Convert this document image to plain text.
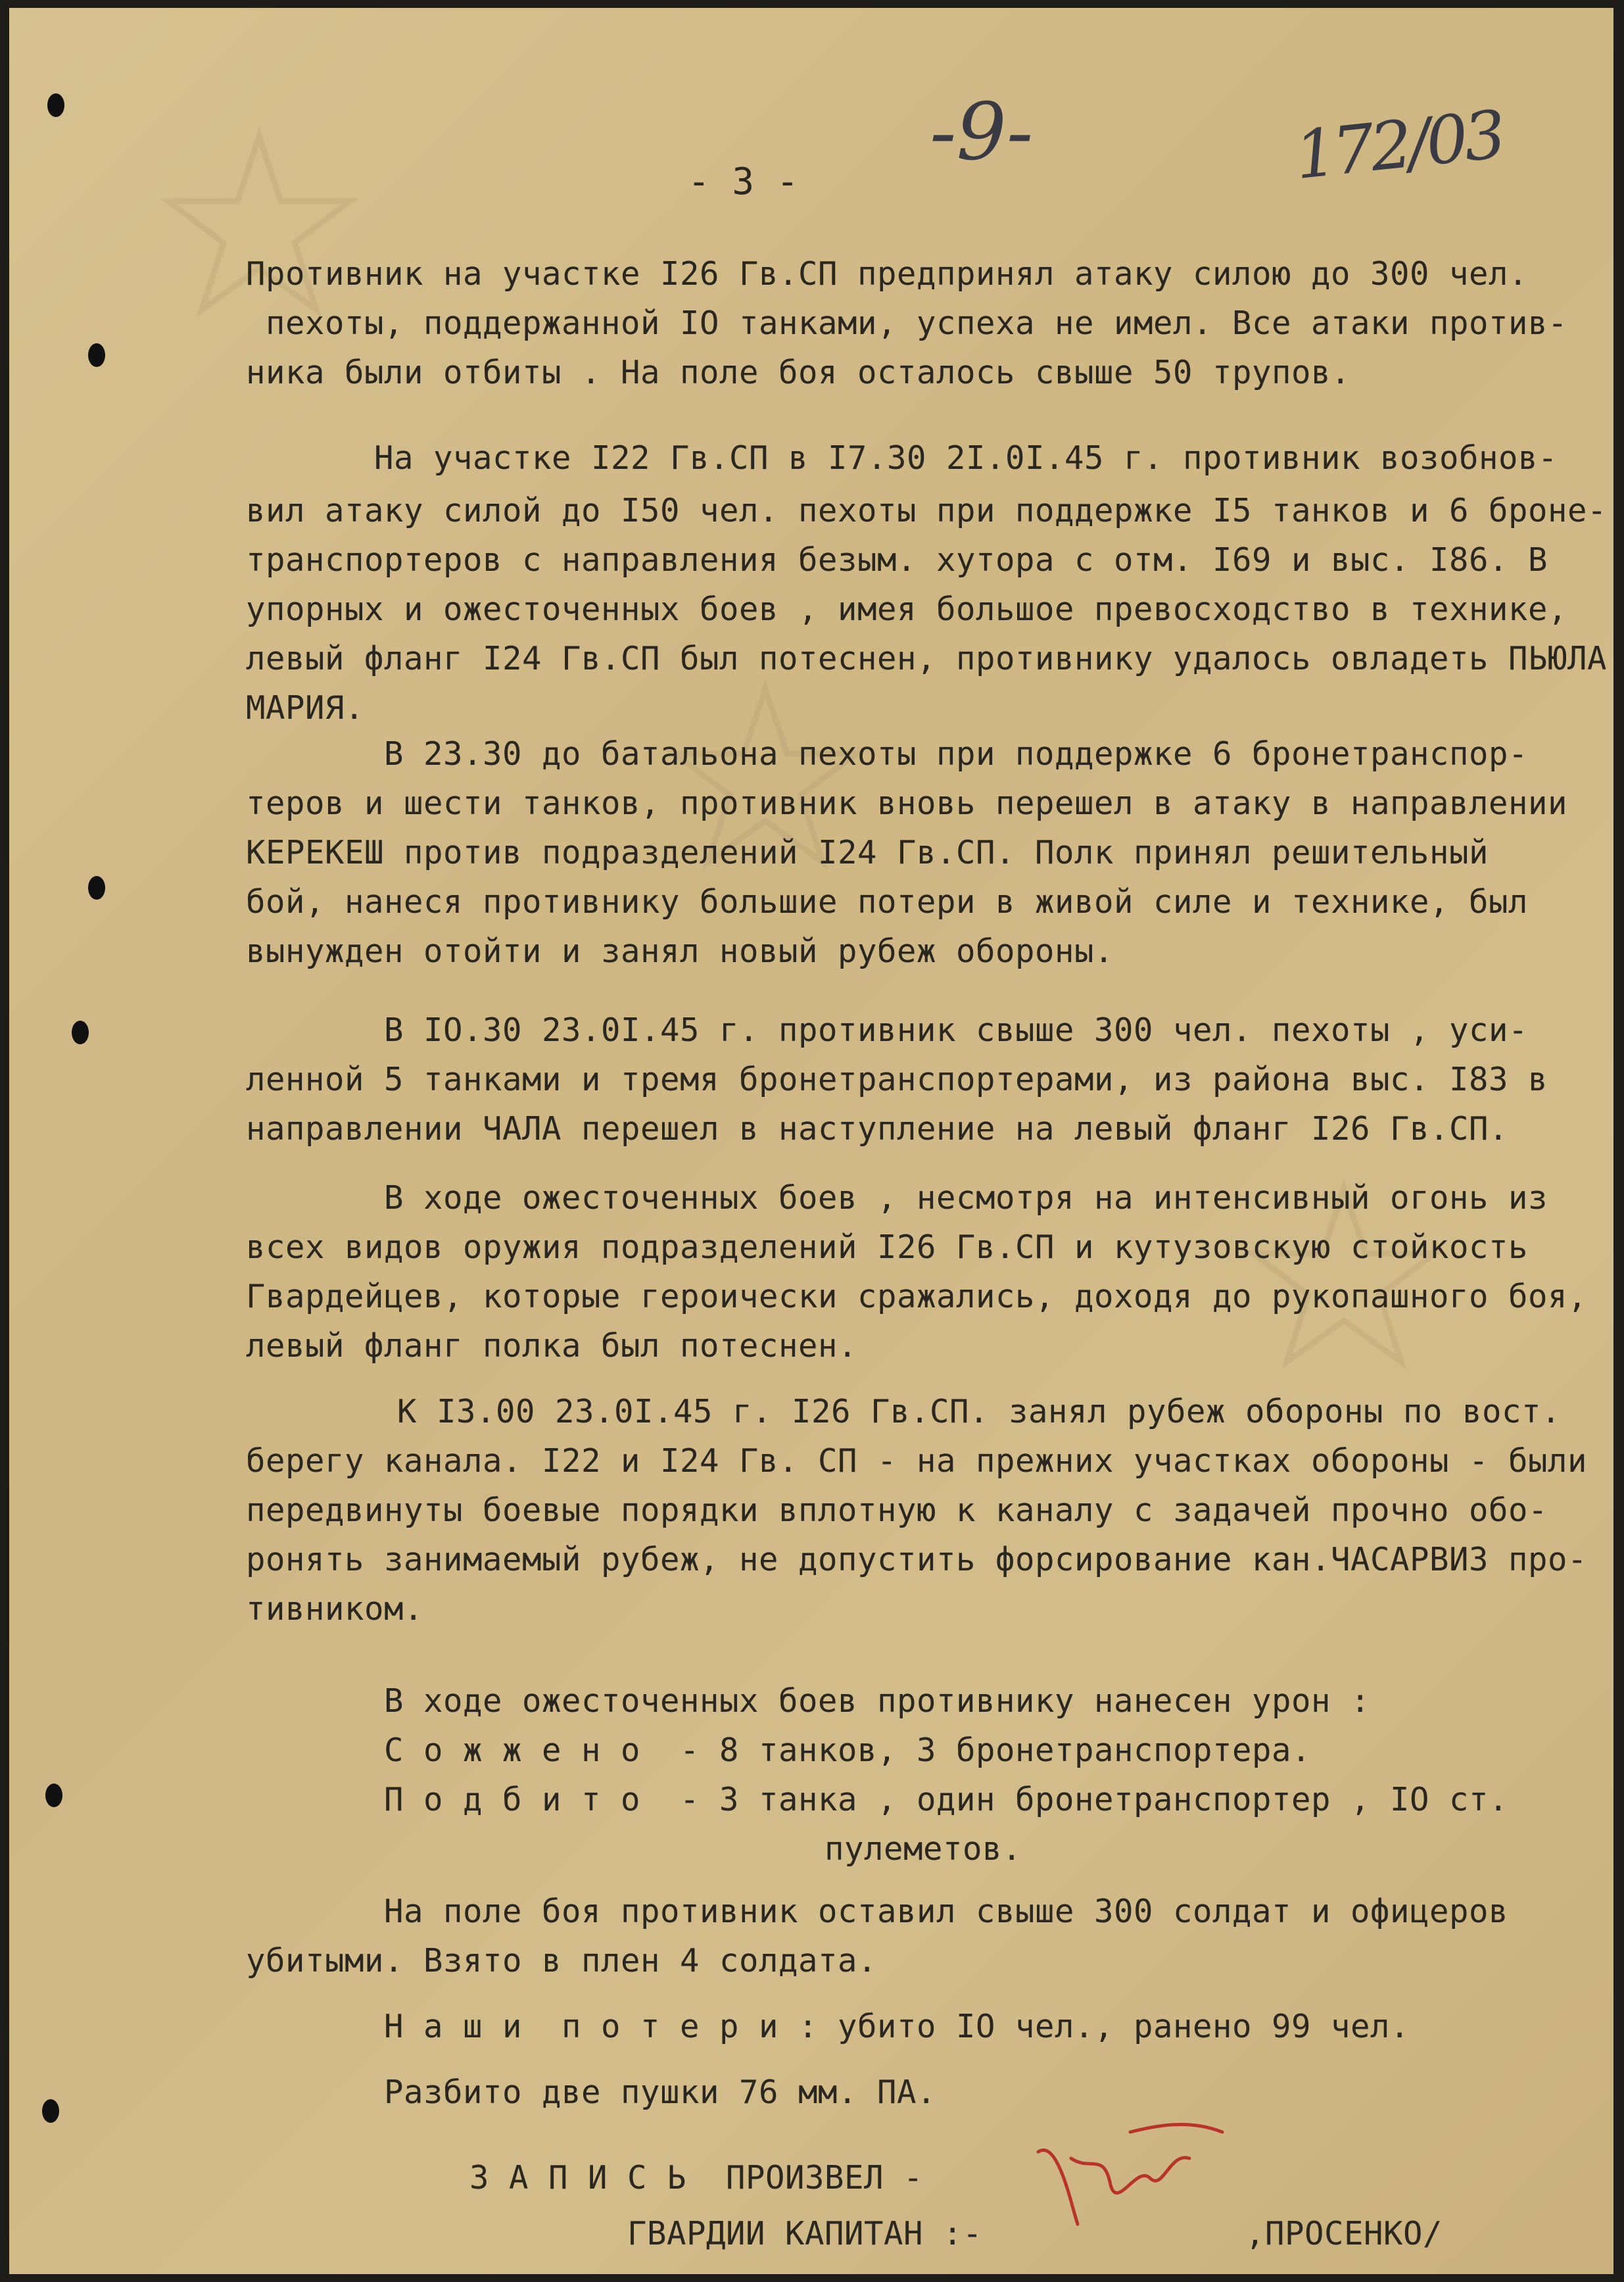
- 3 -
-9-	172/03
Противник на участке I26 Гв.СП предпринял атаку силою до 300 чел.
пехоты, поддержанной IO танками, успеха не имел. Все атаки против-
ника были отбиты . На поле боя осталось свыше 50 трупов.
На участке I22 Гв.СП в I7.30 2I.0I.45 г. противник возобнов-
вил атаку силой до I50 чел. пехоты при поддержке I5 танков и 6 броне-
транспортеров с направления безым. хутора с отм. I69 и выс. I86. В
упорных и ожесточенных боев , имея большое превосходство в технике,
левый фланг I24 Гв.СП был потеснен, противнику удалось овладеть ПЬЮЛА
МАРИЯ.
В 23.30 до батальона пехоты при поддержке 6 бронетранспор-
теров и шести танков, противник вновь перешел в атаку в направлении
КЕРЕКЕШ против подразделений I24 Гв.СП. Полк принял решительный
бой, нанеся противнику большие потери в живой силе и технике, был
вынужден отойти и занял новый рубеж обороны.
В IO.30 23.0I.45 г. противник свыше 300 чел. пехоты , уси-
ленной 5 танками и тремя бронетранспортерами, из района выс. I83 в
направлении ЧАЛА перешел в наступление на левый фланг I26 Гв.СП.
В ходе ожесточенных боев , несмотря на интенсивный огонь из
всех видов оружия подразделений I26 Гв.СП и кутузовскую стойкость
Гвардейцев, которые героически сражались, доходя до рукопашного боя,
левый фланг полка был потеснен.
К I3.00 23.0I.45 г. I26 Гв.СП. занял рубеж обороны по вост.
берегу канала. I22 и I24 Гв. СП - на прежних участках обороны - были
передвинуты боевые порядки вплотную к каналу с задачей прочно обо-
ронять занимаемый рубеж, не допустить форсирование кан.ЧАСАРВИЗ про-
тивником.
В ходе ожесточенных боев противнику нанесен урон :
С о ж ж е н о  - 8 танков, 3 бронетранспортера.
П о д б и т о  - 3 танка , один бронетранспортер , IO ст.
пулеметов.
На поле боя противник оставил свыше 300 солдат и офицеров
убитыми. Взято в плен 4 солдата.
Н а ш и  п о т е р и : убито IO чел., ранено 99 чел.
Разбито две пушки 76 мм. ПА.
З А П И С Ь  ПРОИЗВЕЛ -
ГВАРДИИ КАПИТАН :-	,ПРОСЕНКО/
